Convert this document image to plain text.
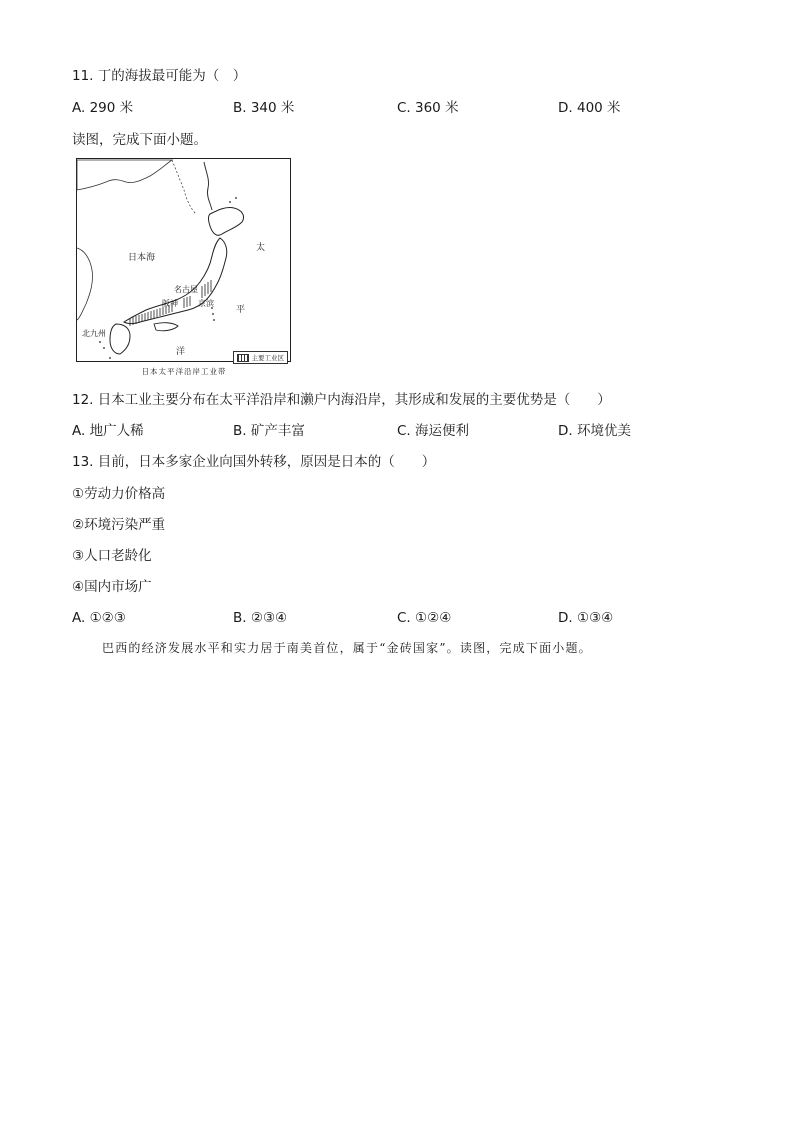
11. 丁的海拔最可能为（　）
A. 290 米	B. 340 米	C. 360 米	D. 400 米
读图，完成下面小题。
日本海
太
平
洋
北九州
阪神
名古屋
京滨
主要工业区
日本太平洋沿岸工业带
12. 日本工业主要分布在太平洋沿岸和濑户内海沿岸，其形成和发展的主要优势是（　　）
A. 地广人稀	B. 矿产丰富	C. 海运便利	D. 环境优美
13. 目前，日本多家企业向国外转移，原因是日本的（　　）
①劳动力价格高
②环境污染严重
③人口老龄化
④国内市场广
A. ①②③	B. ②③④	C. ①②④	D. ①③④
巴西的经济发展水平和实力居于南美首位，属于“金砖国家”。读图，完成下面小题。
